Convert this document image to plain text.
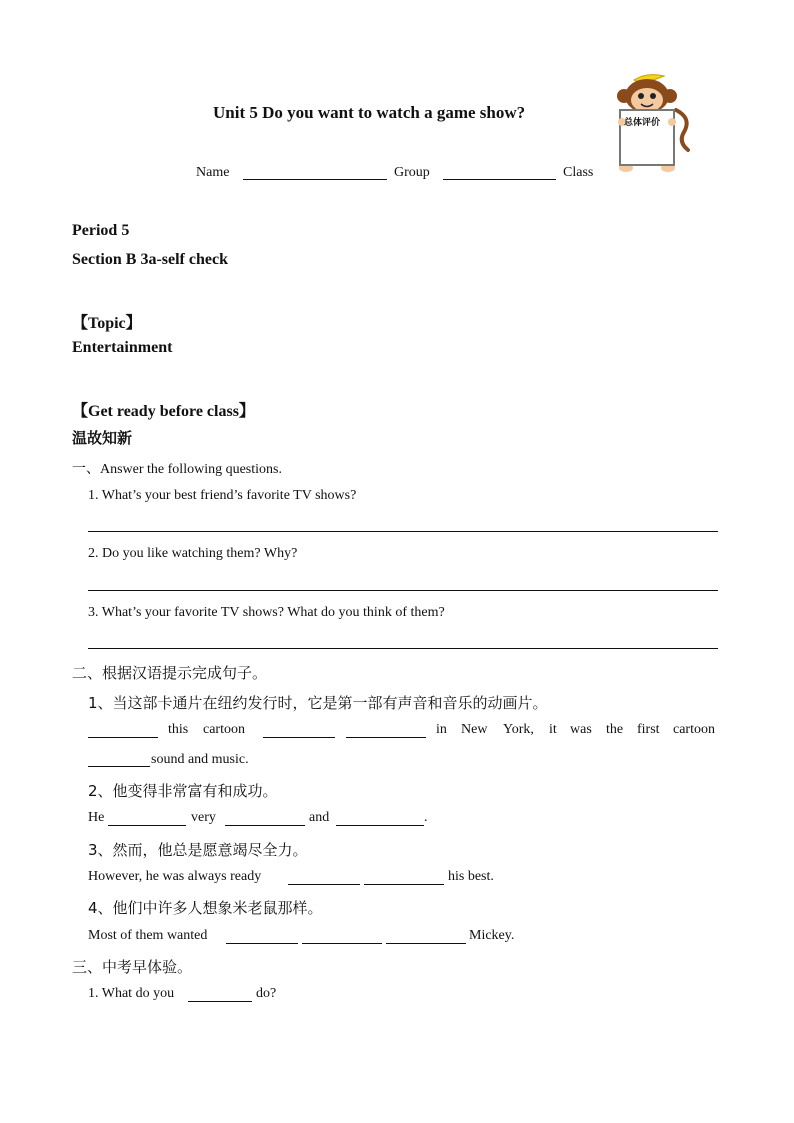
Unit 5 Do you want to watch a game show?
Name	Group	Class
总体评价
Period 5
Section B 3a-self check
【Topic】
Entertainment
【Get ready before class】
温故知新
一、Answer the following questions.
1. What’s your best friend’s favorite TV shows?
2. Do you like watching them? Why?
3. What’s your favorite TV shows? What do you think of them?
二、根据汉语提示完成句子。
1、当这部卡通片在纽约发行时，它是第一部有声音和音乐的动画片。
this cartoon	in New York, it was the first cartoon
sound and music.
2、他变得非常富有和成功。
He	very	and	.
3、然而，他总是愿意竭尽全力。
However, he was always ready	his best.
4、他们中许多人想象米老鼠那样。
Most of them wanted	Mickey.
三、中考早体验。
1. What do you	do?
